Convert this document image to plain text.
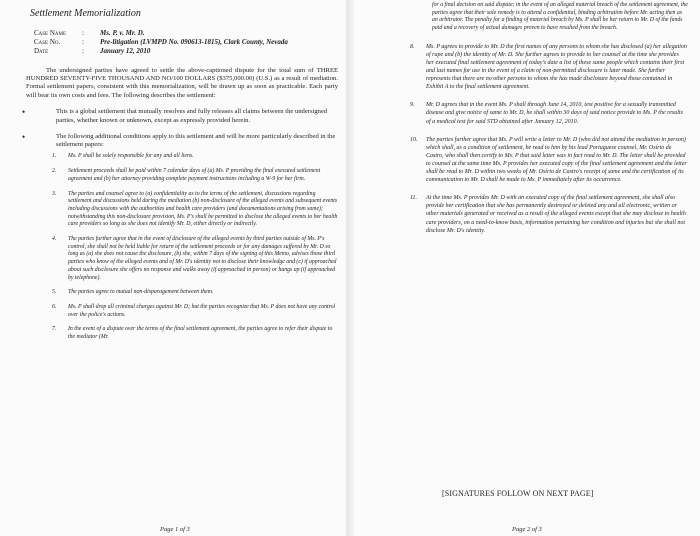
Settlement Memorialization
Case Name	:	Ms. P. v. Mr. D.
Case No.	:	Pre-litigation (LVMPD No. 090613-1815), Clark County, Nevada
Date	:	January 12, 2010

The undersigned parties have agreed to settle the above-captioned dispute for the total sum of THREE HUNDRED SEVENTY-FIVE THOUSAND AND NO/100 DOLLARS ($375,000.00) (U.S.) as a result of mediation. Formal settlement papers, consistent with this memorialization, will be drawn up as soon as practicable. Each party will bear its own costs and fees. The following describes the settlement:

•	This is a global settlement that mutually resolves and fully releases all claims between the undersigned parties, whether known or unknown, except as expressly provided herein.
•	The following additional conditions apply to this settlement and will be more particularly described in the settlement papers:
1.	Ms. P shall be solely responsible for any and all liens.
2.	Settlement proceeds shall be paid within 7 calendar days of (a) Ms. P providing the final executed settlement agreement and (b) her attorney providing complete payment instructions including a W-9 for her firm.
3.	The parties and counsel agree to (a) confidentiality as to the terms of the settlement, discussions regarding settlement and discussions held during the mediation (b) non-disclosure of the alleged events and subsequent events including discussions with the authorities and health care providers (and documentations arising from same); notwithstanding this non-disclosure provision, Ms. P's shall be permitted to disclose the alleged events to her health care providers so long as she does not identify Mr. D, either directly or indirectly.
4.	The parties further agree that in the event of disclosure of the alleged events by third parties outside of Ms. P's control, she shall not be held liable for return of the settlement proceeds or for any damages suffered by Mr. D so long as (a) she does not cause the disclosure, (b) she, within 7 days of the signing of this Memo, advises those third parties who know of the alleged events and of Mr. D's identity not to disclose their knowledge and (c) if approached about such disclosure she offers no response and walks away (if approached in person) or hangs up (if approached by telephone).
5.	The parties agree to mutual non-disparagement between them.
6.	Ms. P shall drop all criminal charges against Mr. D; but the parties recognize that Ms. P does not have any control over the police's actions.
7.	In the event of a dispute over the terms of the final settlement agreement, the parties agree to refer their dispute to the mediator (Mr.
Page 1 of 3
for a final decision on said dispute; in the event of an alleged material breach of the settlement agreement, the parties agree that their sole remedy is to attend a confidential, binding arbitration before Mr. acting then as an arbitrator. The penalty for a finding of material breach by Ms. P shall be her return to Mr. D of the funds paid and a recovery of actual damages proven to have resulted from the breach.
8.	Ms. P agrees to provide to Mr. D the first names of any persons to whom she has disclosed (a) her allegation of rape and (b) the identity of Mr. D. She further agrees to provide to her counsel at the time she provides her executed final settlement agreement of today's date a list of these same people which contains their first and last names for use in the event of a claim of non-permitted disclosure is later made. She further represents that there are no other persons to whom she has made disclosure beyond those contained in Exhibit A to the final settlement agreement.
9.	Mr. D agrees that in the event Ms. P shall through June 14, 2010, test positive for a sexually transmitted disease and give notice of same to Mr. D, he shall within 30 days of said notice provide to Ms. P the results of a medical test for said STD obtained after January 12, 2010.
10.	The parties further agree that Ms. P will write a letter to Mr. D (who did not attend the mediation in person) which shall, as a condition of settlement, be read to him by his lead Portuguese counsel, Mr. Osírio de Castro, who shall then certify to Ms. P that said letter was in fact read to Mr. D. The letter shall be provided to counsel at the same time Ms. P provides her executed copy of the final settlement agreement and the letter shall be read to Mr. D within two weeks of Mr. Osírio de Castro's receipt of same and the certification of its communication to Mr. D shall be made to Ms. P immediately after its occurrence.
11.	At the time Ms. P provides Mr. D with an executed copy of the final settlement agreement, she shall also provide her certification that she has permanently destroyed or deleted any and all electronic, written or other materials generated or received as a result of the alleged events except that she may disclose to health care providers, on a need-to-know basis, information pertaining her condition and injuries but she shall not disclose Mr. D's identity.
[SIGNATURES FOLLOW ON NEXT PAGE]
Page 2 of 3
